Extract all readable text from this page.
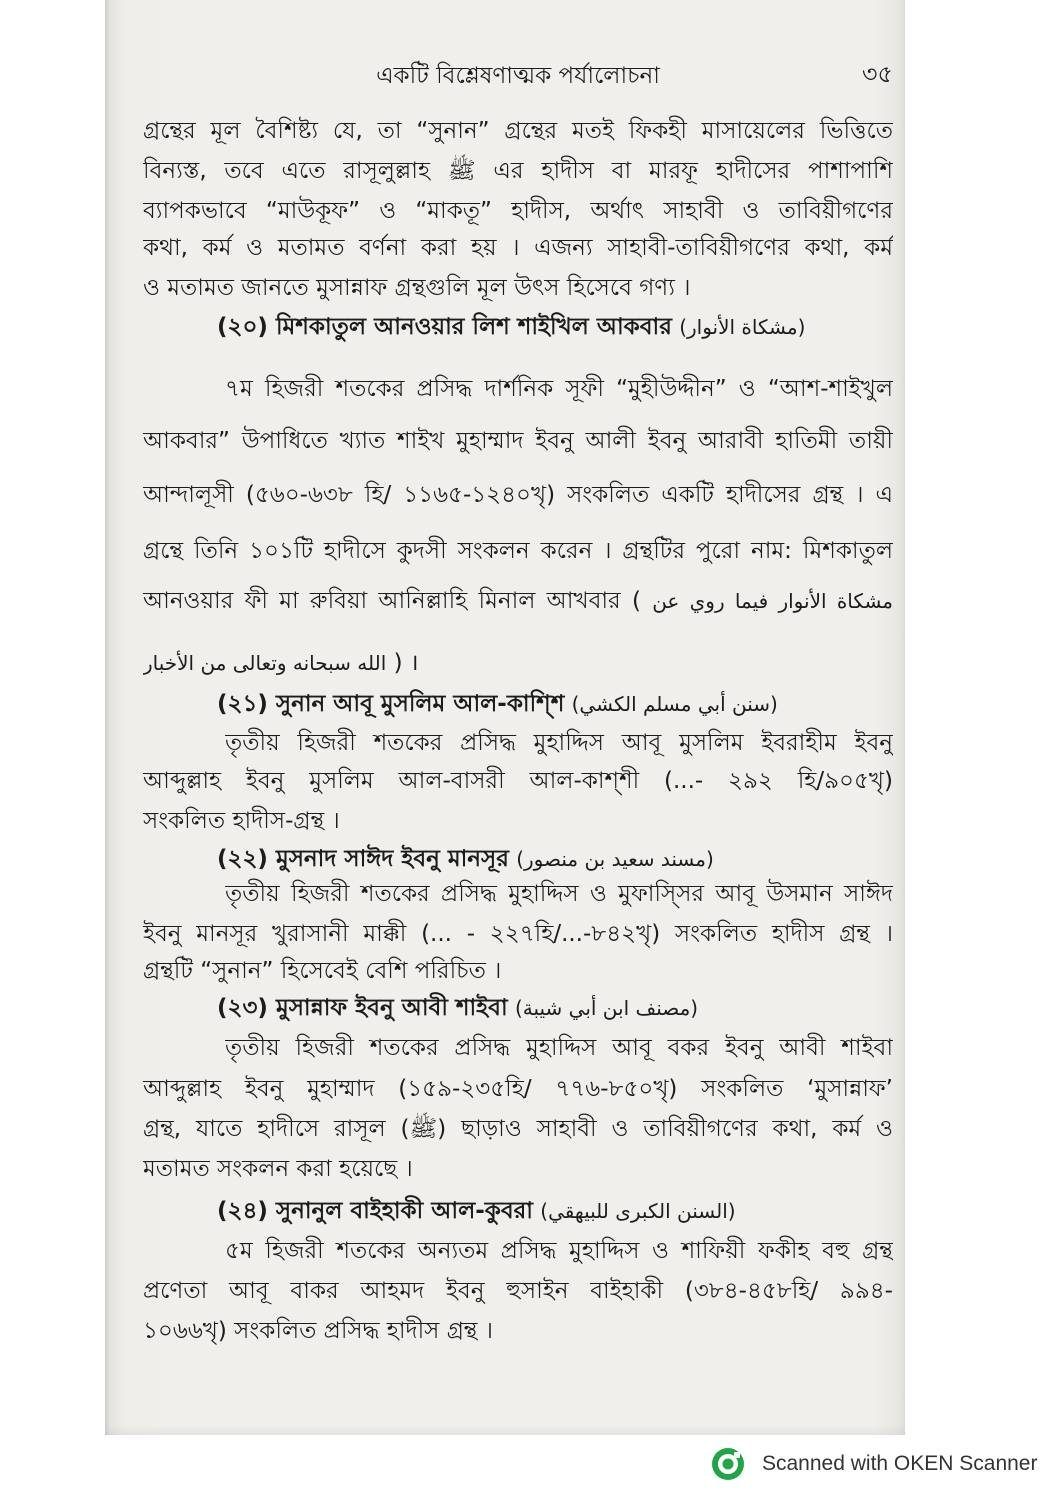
একটি বিশ্লেষণাত্মক পর্যালোচনা	৩৫
গ্রন্থের মূল বৈশিষ্ট্য যে, তা “সুনান” গ্রন্থের মতই ফিকহী মাসায়েলের ভিত্তিতে
বিন্যস্ত, তবে এতে রাসূলুল্লাহ ﷺ এর হাদীস বা মারফূ হাদীসের পাশাপাশি
ব্যাপকভাবে “মাউকূফ” ও “মাকতূ” হাদীস, অর্থাৎ সাহাবী ও তাবিয়ীগণের
কথা, কর্ম ও মতামত বর্ণনা করা হয় । এজন্য সাহাবী-তাবিয়ীগণের কথা, কর্ম
ও মতামত জানতে মুসান্নাফ গ্রন্থগুলি মূল উৎস হিসেবে গণ্য ।
(২০) মিশকাতুল আনওয়ার লিশ শাইখিল আকবার (مشكاة الأنوار)
৭ম হিজরী শতকের প্রসিদ্ধ দার্শনিক সূফী “মুহীউদ্দীন” ও “আশ-শাইখুল
আকবার” উপাধিতে খ্যাত শাইখ মুহাম্মাদ ইবনু আলী ইবনু আরাবী হাতিমী তায়ী
আন্দালূসী (৫৬০-৬৩৮ হি/ ১১৬৫-১২৪০খৃ) সংকলিত একটি হাদীসের গ্রন্থ । এ
গ্রন্থে তিনি ১০১টি হাদীসে কুদসী সংকলন করেন । গ্রন্থটির পুরো নাম: মিশকাতুল
আনওয়ার ফী মা রুবিয়া আনিল্লাহি মিনাল আখবার ( مشكاة الأنوار فيما روي عن
الله سبحانه وتعالى من الأخبار ) ।
(২১) সুনান আবূ মুসলিম আল-কাশ্শি (سنن أبي مسلم الكشي)
তৃতীয় হিজরী শতকের প্রসিদ্ধ মুহাদ্দিস আবূ মুসলিম ইবরাহীম ইবনু
আব্দুল্লাহ ইবনু মুসলিম আল-বাসরী আল-কাশ্শী (...- ২৯২ হি/৯০৫খৃ)
সংকলিত হাদীস-গ্রন্থ ।
(২২) মুসনাদ সাঈদ ইবনু মানসূর (مسند سعيد بن منصور)
তৃতীয় হিজরী শতকের প্রসিদ্ধ মুহাদ্দিস ও মুফাস্সির আবূ উসমান সাঈদ
ইবনু মানসূর খুরাসানী মাক্কী (... - ২২৭হি/...-৮৪২খৃ) সংকলিত হাদীস গ্রন্থ ।
গ্রন্থটি “সুনান” হিসেবেই বেশি পরিচিত ।
(২৩) মুসান্নাফ ইবনু আবী শাইবা (مصنف ابن أبي شيبة)
তৃতীয় হিজরী শতকের প্রসিদ্ধ মুহাদ্দিস আবূ বকর ইবনু আবী শাইবা
আব্দুল্লাহ ইবনু মুহাম্মাদ (১৫৯-২৩৫হি/ ৭৭৬-৮৫০খৃ) সংকলিত ‘মুসান্নাফ’
গ্রন্থ, যাতে হাদীসে রাসূল (ﷺ) ছাড়াও সাহাবী ও তাবিয়ীগণের কথা, কর্ম ও
মতামত সংকলন করা হয়েছে ।
(২৪) সুনানুল বাইহাকী আল-কুবরা (السنن الكبرى للبيهقي)
৫ম হিজরী শতকের অন্যতম প্রসিদ্ধ মুহাদ্দিস ও শাফিয়ী ফকীহ বহু গ্রন্থ
প্রণেতা আবূ বাকর আহমদ ইবনু হুসাইন বাইহাকী (৩৮৪-৪৫৮হি/ ৯৯৪-
১০৬৬খৃ) সংকলিত প্রসিদ্ধ হাদীস গ্রন্থ ।
Scanned with OKEN Scanner
